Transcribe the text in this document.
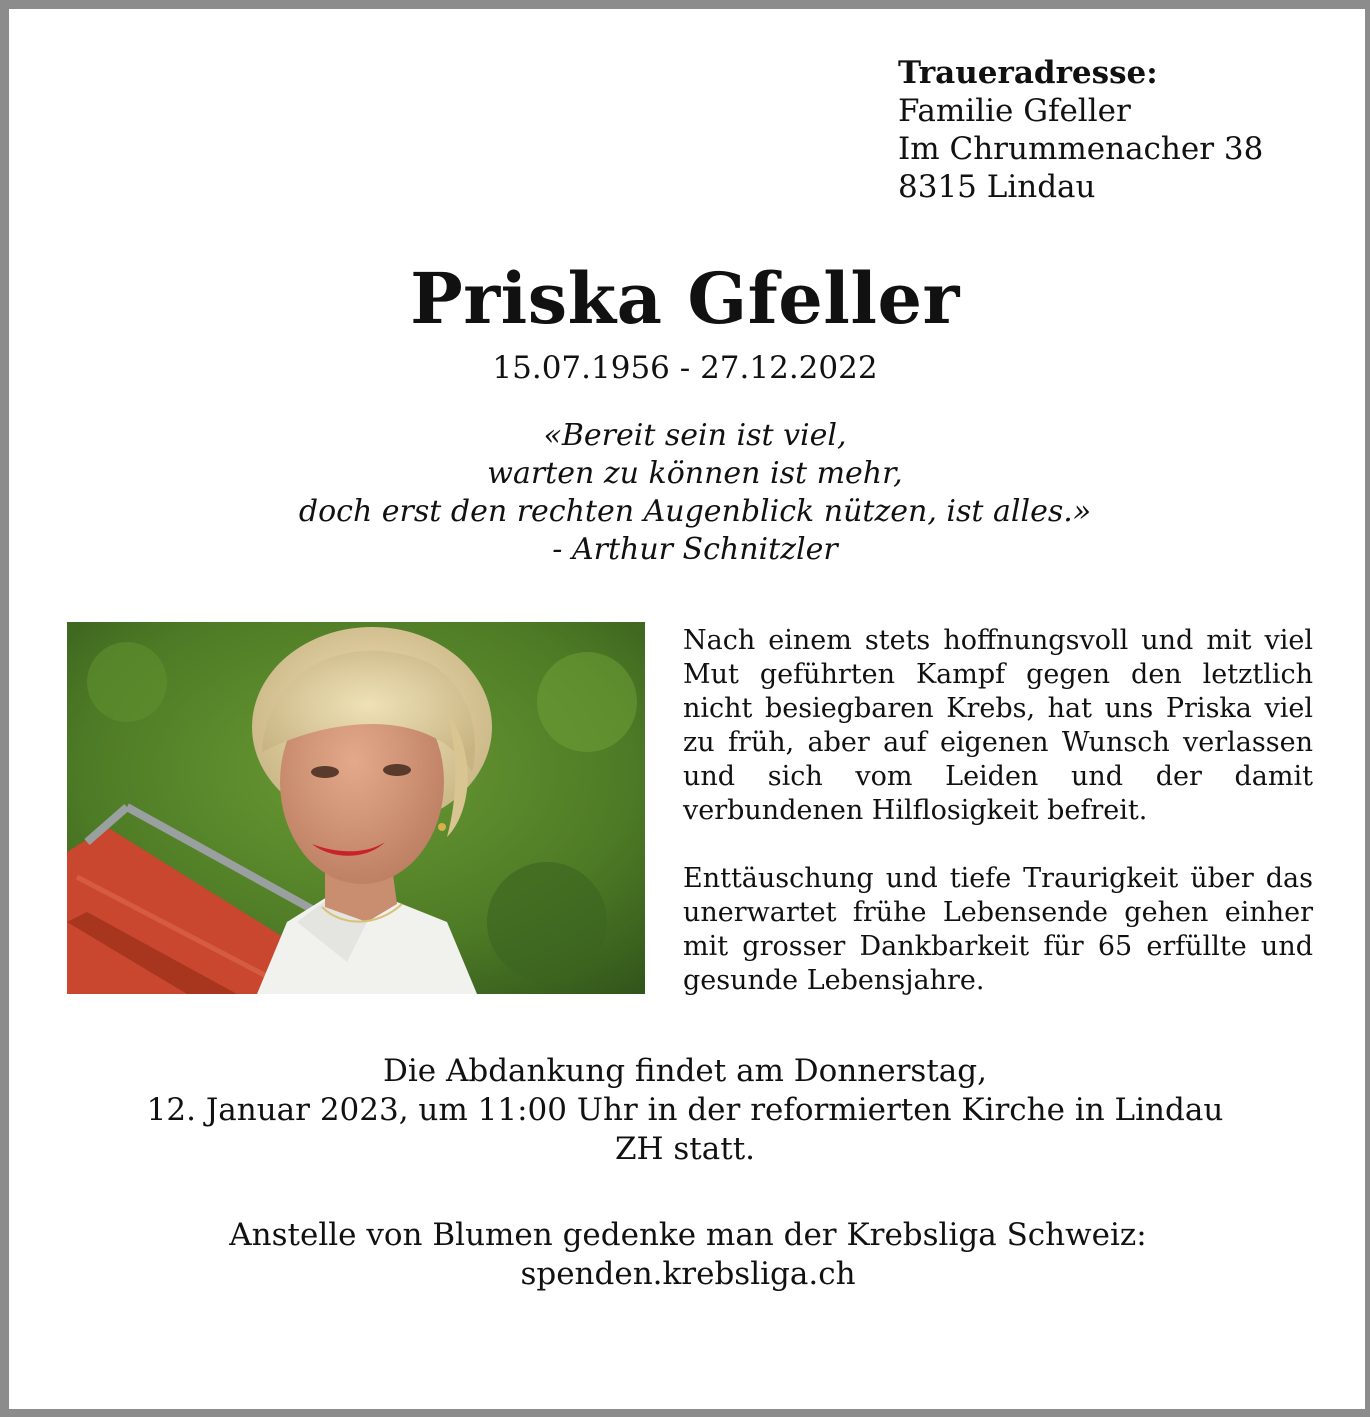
Traueradresse:
Familie Gfeller
Im Chrummenacher 38
8315 Lindau
Priska Gfeller
15.07.1956 - 27.12.2022
«Bereit sein ist viel,
warten zu können ist mehr,
doch erst den rechten Augenblick nützen, ist alles.»
- Arthur Schnitzler

Nach einem stets hoffnungsvoll und mit viel Mut geführten Kampf gegen den letztlich nicht besiegbaren Krebs, hat uns Priska viel zu früh, aber auf eigenen Wunsch verlassen und sich vom Leiden und der damit verbundenen Hilflosigkeit befreit.

Enttäuschung und tiefe Traurigkeit über das unerwartet frühe Lebensende gehen einher mit grosser Dankbarkeit für 65 erfüllte und gesunde Lebensjahre.

Die Abdankung findet am Donnerstag,
12. Januar 2023, um 11:00 Uhr in der reformierten Kirche in Lindau
ZH statt.
Anstelle von Blumen gedenke man der Krebsliga Schweiz:
spenden.krebsliga.ch
